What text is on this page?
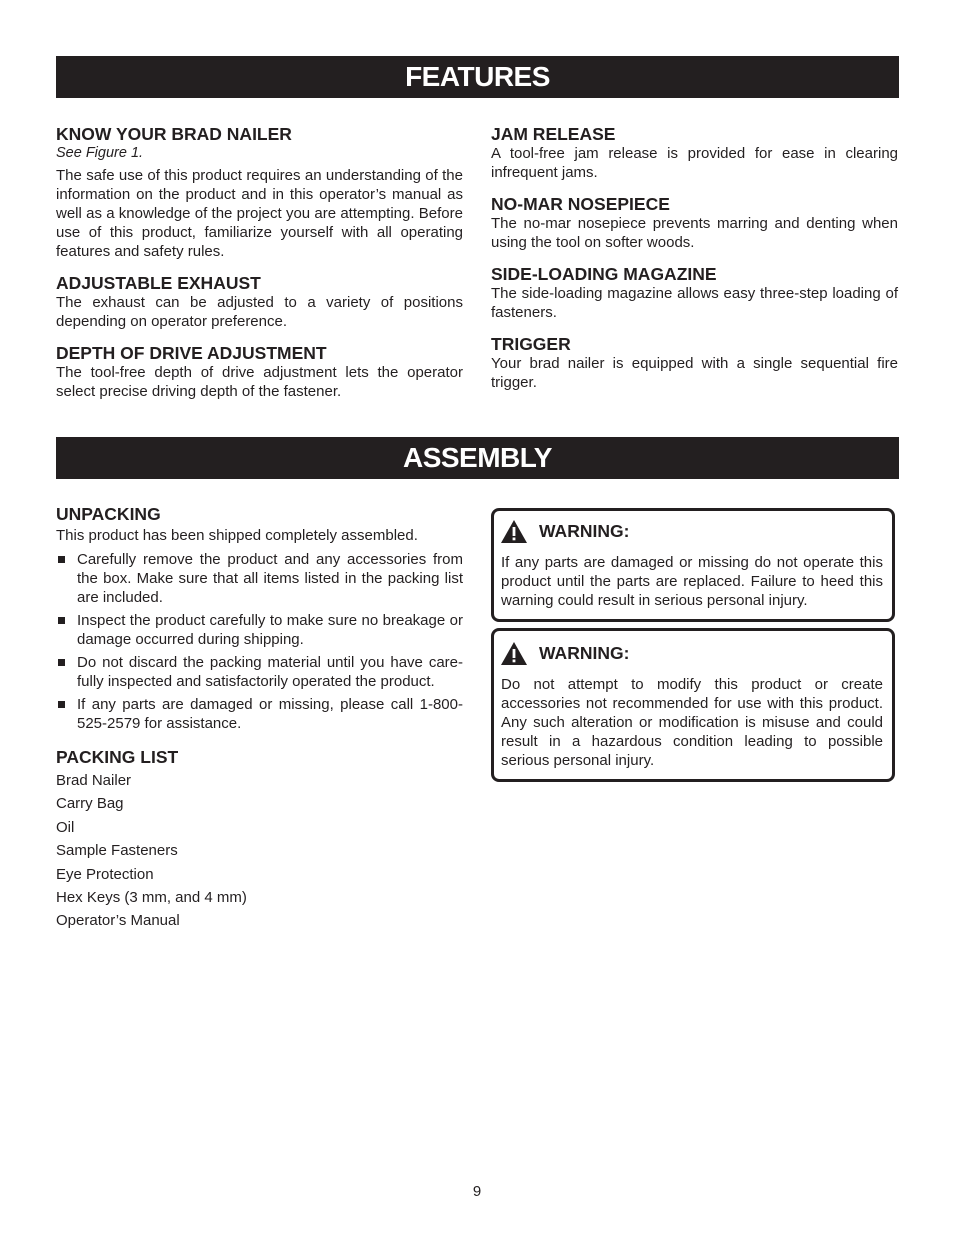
FEATURES
KNOW YOUR BRAD NAILER
See Figure 1.

The safe use of this product requires an understanding of the information on the product and in this operator’s manual as well as a knowledge of the project you are attempting. Before use of this product, familiarize yourself with all operating features and safety rules.

ADJUSTABLE EXHAUST

The exhaust can be adjusted to a variety of positions depending on operator preference.

DEPTH OF DRIVE ADJUSTMENT

The tool-free depth of drive adjustment lets the operator select precise driving depth of the fastener.

JAM RELEASE

A tool-free jam release is provided for ease in clearing infrequent jams.

NO-MAR NOSEPIECE

The no-mar nosepiece prevents marring and denting when using the tool on softer woods.

SIDE-LOADING MAGAZINE

The side-loading magazine allows easy three-step loading of fasteners.

TRIGGER

Your brad nailer is equipped with a single sequential fire trigger.

ASSEMBLY
UNPACKING

This product has been shipped completely assembled.

Carefully remove the product and any accessories from the box. Make sure that all items listed in the packing list are included.
Inspect the product carefully to make sure no breakage or damage occurred during shipping.
Do not discard the packing material until you have care-fully inspected and satisfactorily operated the product.
If any parts are damaged or missing, please call 1-800-525-2579 for assistance.
PACKING LIST
Brad Nailer
Carry Bag
Oil
Sample Fasteners
Eye Protection
Hex Keys (3 mm, and 4 mm)
Operator’s Manual
WARNING:

If any parts are damaged or missing do not operate this product until the parts are replaced. Failure to heed this warning could result in serious personal injury.

WARNING:

Do not attempt to modify this product or create accessories not recommended for use with this product. Any such alteration or modification is misuse and could result in a hazardous condition leading to possible serious personal injury.

9
